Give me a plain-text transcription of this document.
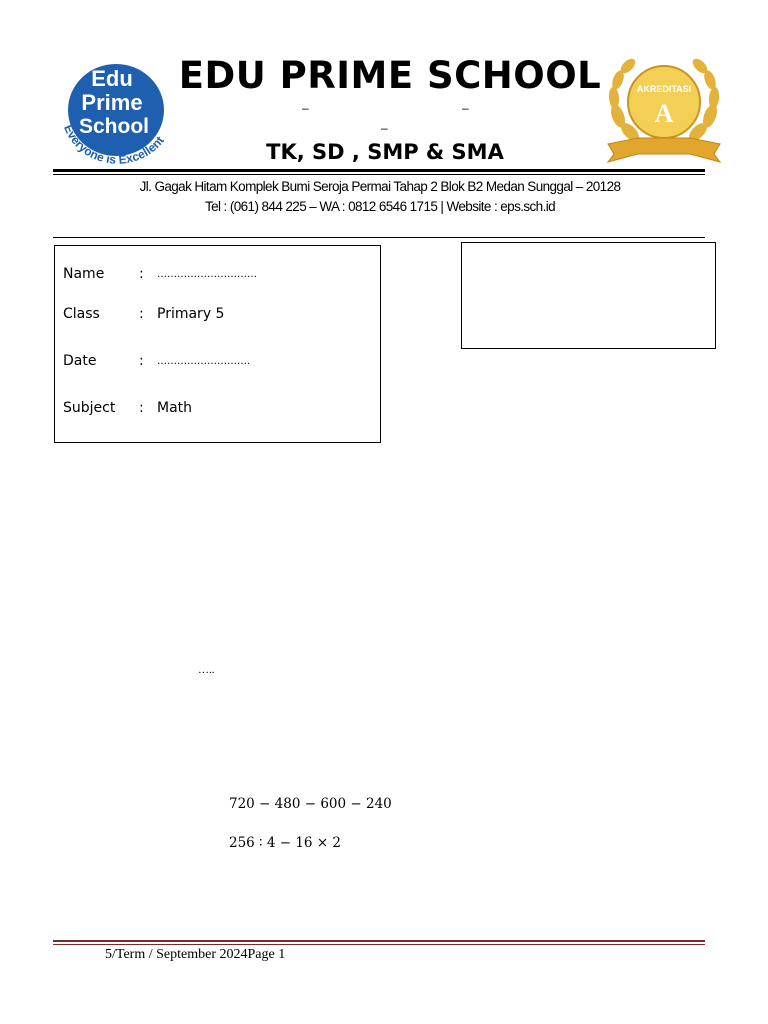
Edu
Prime
School
Everyone is Excellent
EDU PRIME SCHOOL
–	–
–
TK, SD , SMP & SMA
AKREDITASI
A
Jl. Gagak Hitam Komplek Bumi Seroja Permai Tahap 2 Blok B2 Medan Sunggal – 20128
Tel : (061) 844 225 – WA : 0812 6546 1715 | Website : eps.sch.id
Name	: …………………………
Class	: Primary 5
Date	: ……………………….
Subject	: Math
…..
720 − 480 − 600 − 240
256 ∶ 4 − 16 × 2
5/Term / September 2024Page 1
